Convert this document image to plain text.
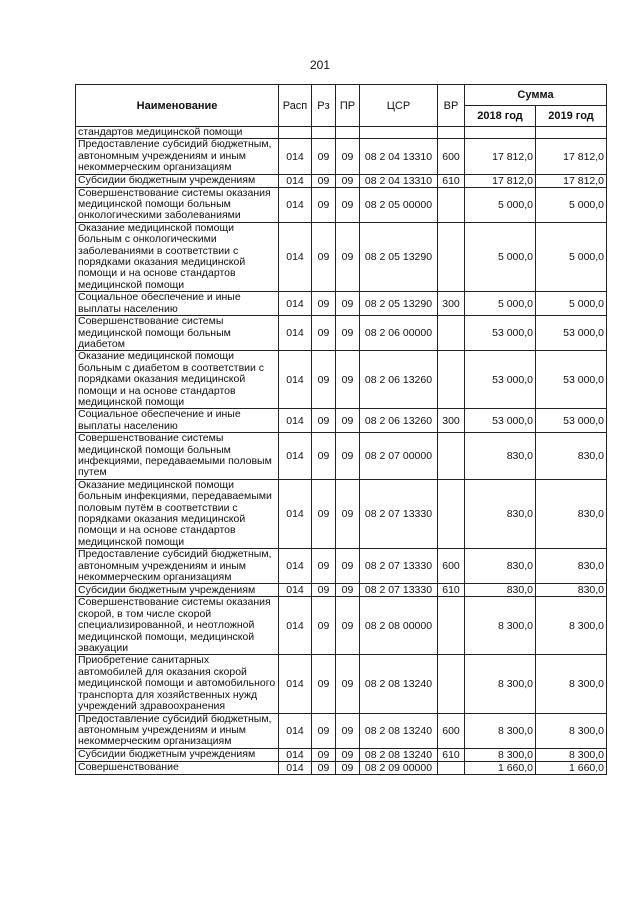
201
Наименование	Расп	Рз	ПР	ЦСР	ВР	Сумма	
						2018 год	2019 год
стандартов медицинской помощи							
Предоставление субсидий бюджетным, автономным учреждениям и иным некоммерческим организациям	014	09	09	08 2 04 13310	600	17 812,0	17 812,0
Субсидии бюджетным учреждениям	014	09	09	08 2 04 13310	610	17 812,0	17 812,0
Совершенствование системы оказания медицинской помощи больным онкологическими заболеваниями	014	09	09	08 2 05 00000		5 000,0	5 000,0
Оказание медицинской помощи больным с онкологическими заболеваниями в соответствии с порядками оказания медицинской помощи и на основе стандартов медицинской помощи	014	09	09	08 2 05 13290		5 000,0	5 000,0
Социальное обеспечение и иные выплаты населению	014	09	09	08 2 05 13290	300	5 000,0	5 000,0
Совершенствование системы медицинской помощи больным диабетом	014	09	09	08 2 06 00000		53 000,0	53 000,0
Оказание медицинской помощи больным с диабетом в соответствии с порядками оказания медицинской помощи и на основе стандартов медицинской помощи	014	09	09	08 2 06 13260		53 000,0	53 000,0
Социальное обеспечение и иные выплаты населению	014	09	09	08 2 06 13260	300	53 000,0	53 000,0
Совершенствование системы медицинской помощи больным инфекциями, передаваемыми половым путем	014	09	09	08 2 07 00000		830,0	830,0
Оказание медицинской помощи больным инфекциями, передаваемыми половым путём в соответствии с порядками оказания медицинской помощи и на основе стандартов медицинской помощи	014	09	09	08 2 07 13330		830,0	830,0
Предоставление субсидий бюджетным, автономным учреждениям и иным некоммерческим организациям	014	09	09	08 2 07 13330	600	830,0	830,0
Субсидии бюджетным учреждениям	014	09	09	08 2 07 13330	610	830,0	830,0
Совершенствование системы оказания скорой, в том числе скорой специализированной, и неотложной медицинской помощи, медицинской эвакуации	014	09	09	08 2 08 00000		8 300,0	8 300,0
Приобретение санитарных автомобилей для оказания скорой медицинской помощи и автомобильного транспорта для хозяйственных нужд учреждений здравоохранения	014	09	09	08 2 08 13240		8 300,0	8 300,0
Предоставление субсидий бюджетным, автономным учреждениям и иным некоммерческим организациям	014	09	09	08 2 08 13240	600	8 300,0	8 300,0
Субсидии бюджетным учреждениям	014	09	09	08 2 08 13240	610	8 300,0	8 300,0
Совершенствование	014	09	09	08 2 09 00000		1 660,0	1 660,0
